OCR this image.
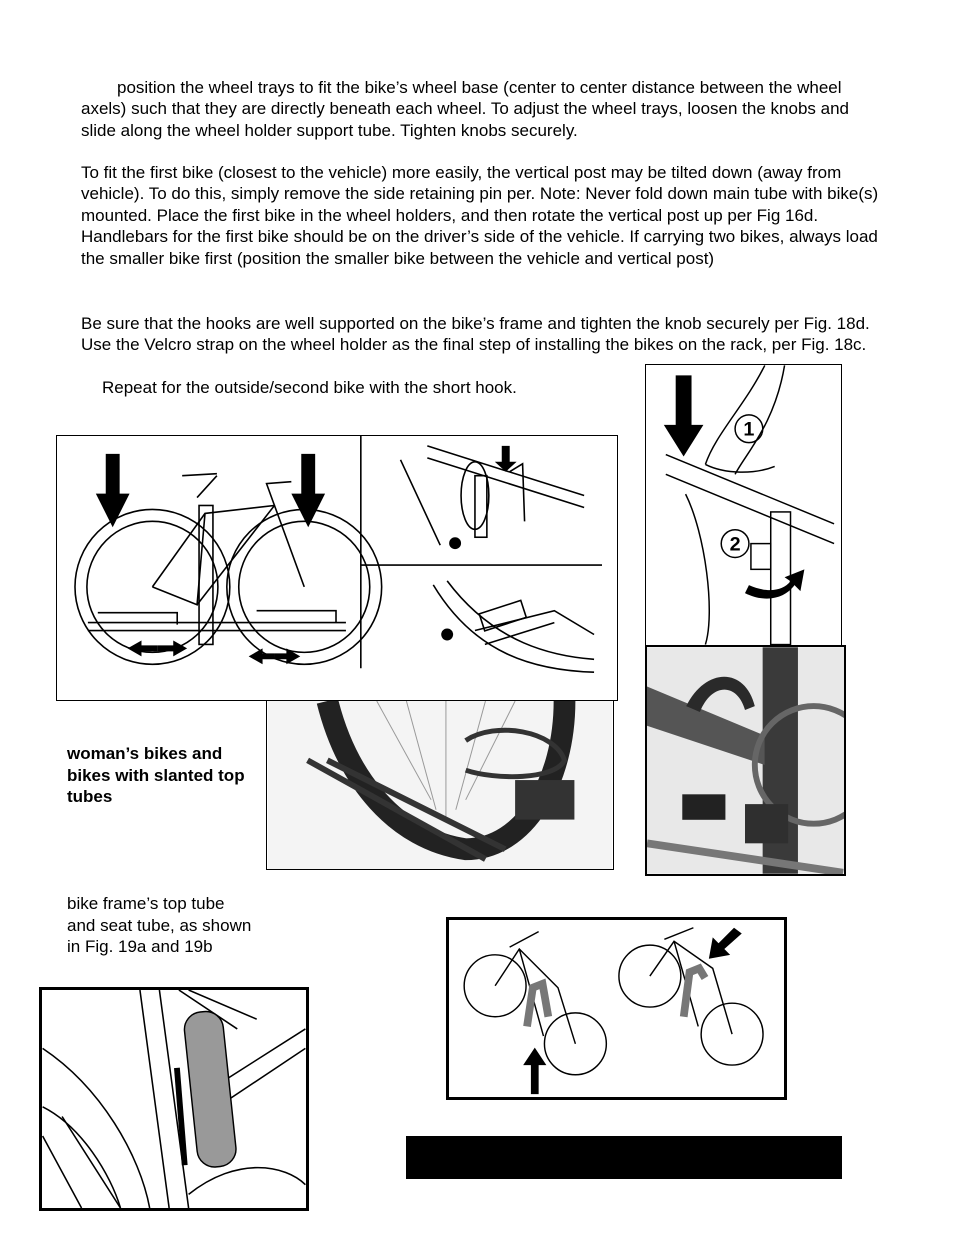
position the wheel trays to fit the bike’s wheel base (center to center distance between the wheel axels) such that they are directly beneath each wheel. To adjust the wheel trays, loosen the knobs and slide along the wheel holder support tube. Tighten knobs securely.

To fit the first bike (closest to the vehicle) more easily, the vertical post may be tilted down (away from vehicle). To do this, simply remove the side retaining pin per. Note: Never fold down main tube with bike(s) mounted. Place the first bike in the wheel holders, and then rotate the vertical post up per Fig 16d. Handlebars for the first bike should be on the driver’s side of the vehicle. If carrying two bikes, always load the smaller bike first (position the smaller bike between the vehicle and vertical post)

Be sure that the hooks are well supported on the bike’s frame and tighten the knob securely per Fig. 18d. Use the Velcro strap on the wheel holder as the final step of installing the bikes on the rack, per Fig. 18c.

Repeat for the outside/second bike with the short hook.

1
2

woman’s bikes and bikes with slanted top tubes

bike frame’s top tube and seat tube, as shown in Fig. 19a and 19b
